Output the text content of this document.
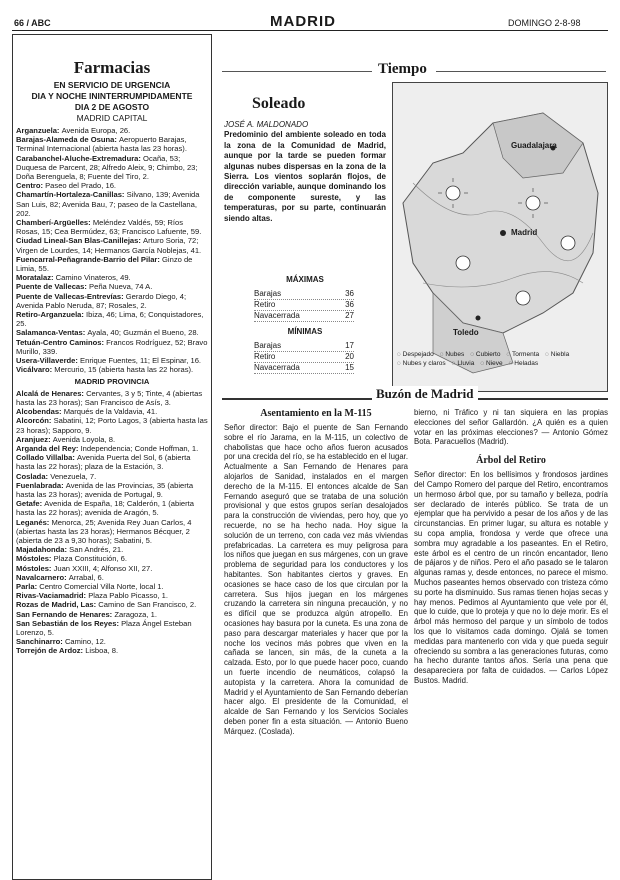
66 / ABC	MADRID	DOMINGO 2-8-98
Farmacias
EN SERVICIO DE URGENCIA
DIA Y NOCHE ININTERRUMPIDAMENTE
DIA 2 DE AGOSTO
MADRID CAPITAL

Arganzuela: Avenida Europa, 26.

Barajas-Alameda de Osuna: Aeropuerto Barajas, Terminal Internacional (abierta hasta las 23 horas).

Carabanchel-Aluche-Extremadura: Ocaña, 53; Duquesa de Parcent, 28; Alfredo Aleix, 9; Chimbo, 23; Doña Berenguela, 8; Fuente del Tiro, 2.

Centro: Paseo del Prado, 16.

Chamartín-Hortaleza-Canillas: Silvano, 139; Avenida San Luis, 82; Avenida Bau, 7; paseo de la Castellana, 202.

Chamberí-Argüelles: Meléndez Valdés, 59; Ríos Rosas, 15; Cea Bermúdez, 63; Francisco Lafuente, 59.

Ciudad Lineal-San Blas-Canillejas: Arturo Soria, 72; Virgen de Lourdes, 14; Hermanos García Noblejas, 41.

Fuencarral-Peñagrande-Barrio del Pilar: Ginzo de Limia, 55.

Moratalaz: Camino Vinateros, 49.

Puente de Vallecas: Peña Nueva, 74 A.

Puente de Vallecas-Entrevías: Gerardo Diego, 4; Avenida Pablo Neruda, 87; Rosales, 2.

Retiro-Arganzuela: Ibiza, 46; Lima, 6; Conquistadores, 25.

Salamanca-Ventas: Ayala, 40; Guzmán el Bueno, 28.

Tetuán-Centro Caminos: Francos Rodríguez, 52; Bravo Murillo, 339.

Usera-Villaverde: Enrique Fuentes, 11; El Espinar, 16.

Vicálvaro: Mercurio, 15 (abierta hasta las 22 horas).

MADRID PROVINCIA

Alcalá de Henares: Cervantes, 3 y 5; Tinte, 4 (abiertas hasta las 23 horas); San Francisco de Asís, 3.

Alcobendas: Marqués de la Valdavia, 41.

Alcorcón: Sabatini, 12; Porto Lagos, 3 (abierta hasta las 23 horas); Sapporo, 9.

Aranjuez: Avenida Loyola, 8.

Arganda del Rey: Independencia; Conde Hoffman, 1.

Collado Villalba: Avenida Puerta del Sol, 6 (abierta hasta las 22 horas); plaza de la Estación, 3.

Coslada: Venezuela, 7.

Fuenlabrada: Avenida de las Provincias, 35 (abierta hasta las 23 horas); avenida de Portugal, 9.

Getafe: Avenida de España, 18; Calderón, 1 (abierta hasta las 22 horas); avenida de Aragón, 5.

Leganés: Menorca, 25; Avenida Rey Juan Carlos, 4 (abiertas hasta las 23 horas); Hermanos Bécquer, 2 (abierta de 23 a 9,30 horas); Sabatini, 5.

Majadahonda: San Andrés, 21.

Móstoles: Plaza Constitución, 6.

Móstoles: Juan XXIII, 4; Alfonso XII, 27.

Navalcarnero: Arrabal, 6.

Parla: Centro Comercial Villa Norte, local 1.

Rivas-Vaciamadrid: Plaza Pablo Picasso, 1.

Rozas de Madrid, Las: Camino de San Francisco, 2.

San Fernando de Henares: Zaragoza, 1.

San Sebastián de los Reyes: Plaza Ángel Esteban Lorenzo, 5.

Sanchinarro: Camino, 12.

Torrejón de Ardoz: Lisboa, 8.

Tiempo
Soleado
JOSÉ A. MALDONADO
Predominio del ambiente soleado en toda la zona de la Comunidad de Madrid, aunque por la tarde se pueden formar algunas nubes dispersas en la zona de la Sierra. Los vientos soplarán flojos, de dirección variable, aunque dominando los de componente sureste, y las temperaturas, por su parte, continuarán siendo altas.
MÁXIMAS
Barajas	36
Retiro	36
Navacerrada	27
MÍNIMAS
Barajas	17
Retiro	20
Navacerrada	15
Guadalajara
Madrid
Toledo
◌ Despejado ◌ Nubes ◌ Cubierto ◌ Tormenta ◌ Niebla
◌ Nubes y claros ◌ Lluvia ◌ Nieve ◌ Heladas
Buzón de Madrid
Asentamiento en la M-115
Señor director: Bajo el puente de San Fernando sobre el río Jarama, en la M-115, un colectivo de chabolistas que hace ocho años fueron acusados por una crecida del río, se ha establecido en el lugar. Actualmente a San Fernando de Henares para alojarlos de Sanidad, instalados en el margen derecho de la M-115. El entonces alcalde de San Fernando aseguró que se trataba de una solución provisional y que estos grupos serían desalojados para la construcción de viviendas, pero hoy, que yo recuerde, no se ha hecho nada. Hoy sigue la solución de un terreno, con cada vez más viviendas prefabricadas. La carretera es muy peligrosa para los niños que juegan en sus márgenes, con un grave problema de seguridad para los conductores y los habitantes. Son habitantes ciertos y graves. En ocasiones se hace caso de los que circulan por la carretera. Sus hijos juegan en los márgenes cruzando la carretera sin ninguna precaución, y no es difícil que se produzca algún atropello. En ocasiones hay basura por la cuneta. Es una zona de paso para descargar materiales y hacer que por la noche los vecinos más pobres que viven en la cañada se lancen, sin más, de la cuneta a la calzada. Esto, por lo que puede hacer poco, cuando un fuerte incendio de neumáticos, colapsó la autopista y la carretera. Ahora la comunidad de Madrid y el Ayuntamiento de San Fernando deberían hacer algo. El presidente de la Comunidad, el alcalde de San Fernando y los Servicios Sociales deben poner fin a esta situación. — Antonio Bueno Márquez. (Coslada).
bierno, ni Tráfico y ni tan siquiera en las propias elecciones del señor Gallardón. ¿A quién es a quien votar en las próximas elecciones? — Antonio Gómez Bota. Paracuellos (Madrid).
Árbol del Retiro
Señor director: En los bellísimos y frondosos jardines del Campo Romero del parque del Retiro, encontramos un hermoso árbol que, por su tamaño y belleza, podría ser declarado de interés público. Se trata de un ejemplar que ha pervivido a pesar de los años y de las circunstancias. En primer lugar, su altura es notable y su copa amplia, frondosa y verde que ofrece una sombra muy agradable a los paseantes. En el Retiro, este árbol es el centro de un rincón encantador, lleno de pájaros y de niños. Pero el año pasado se le talaron algunas ramas y, desde entonces, no parece el mismo. Muchos paseantes hemos observado con tristeza cómo su porte ha disminuido. Sus ramas tienen hojas secas y hay menos. Pedimos al Ayuntamiento que vele por él, que lo cuide, que lo proteja y que no lo deje morir. Es el árbol más hermoso del parque y un símbolo de todos los que lo visitamos cada domingo. Ojalá se tomen medidas para mantenerlo con vida y que pueda seguir ofreciendo su sombra a las generaciones futuras, como ha hecho durante tantos años. Sería una pena que desapareciera por falta de cuidados. — Carlos López Bustos. Madrid.
